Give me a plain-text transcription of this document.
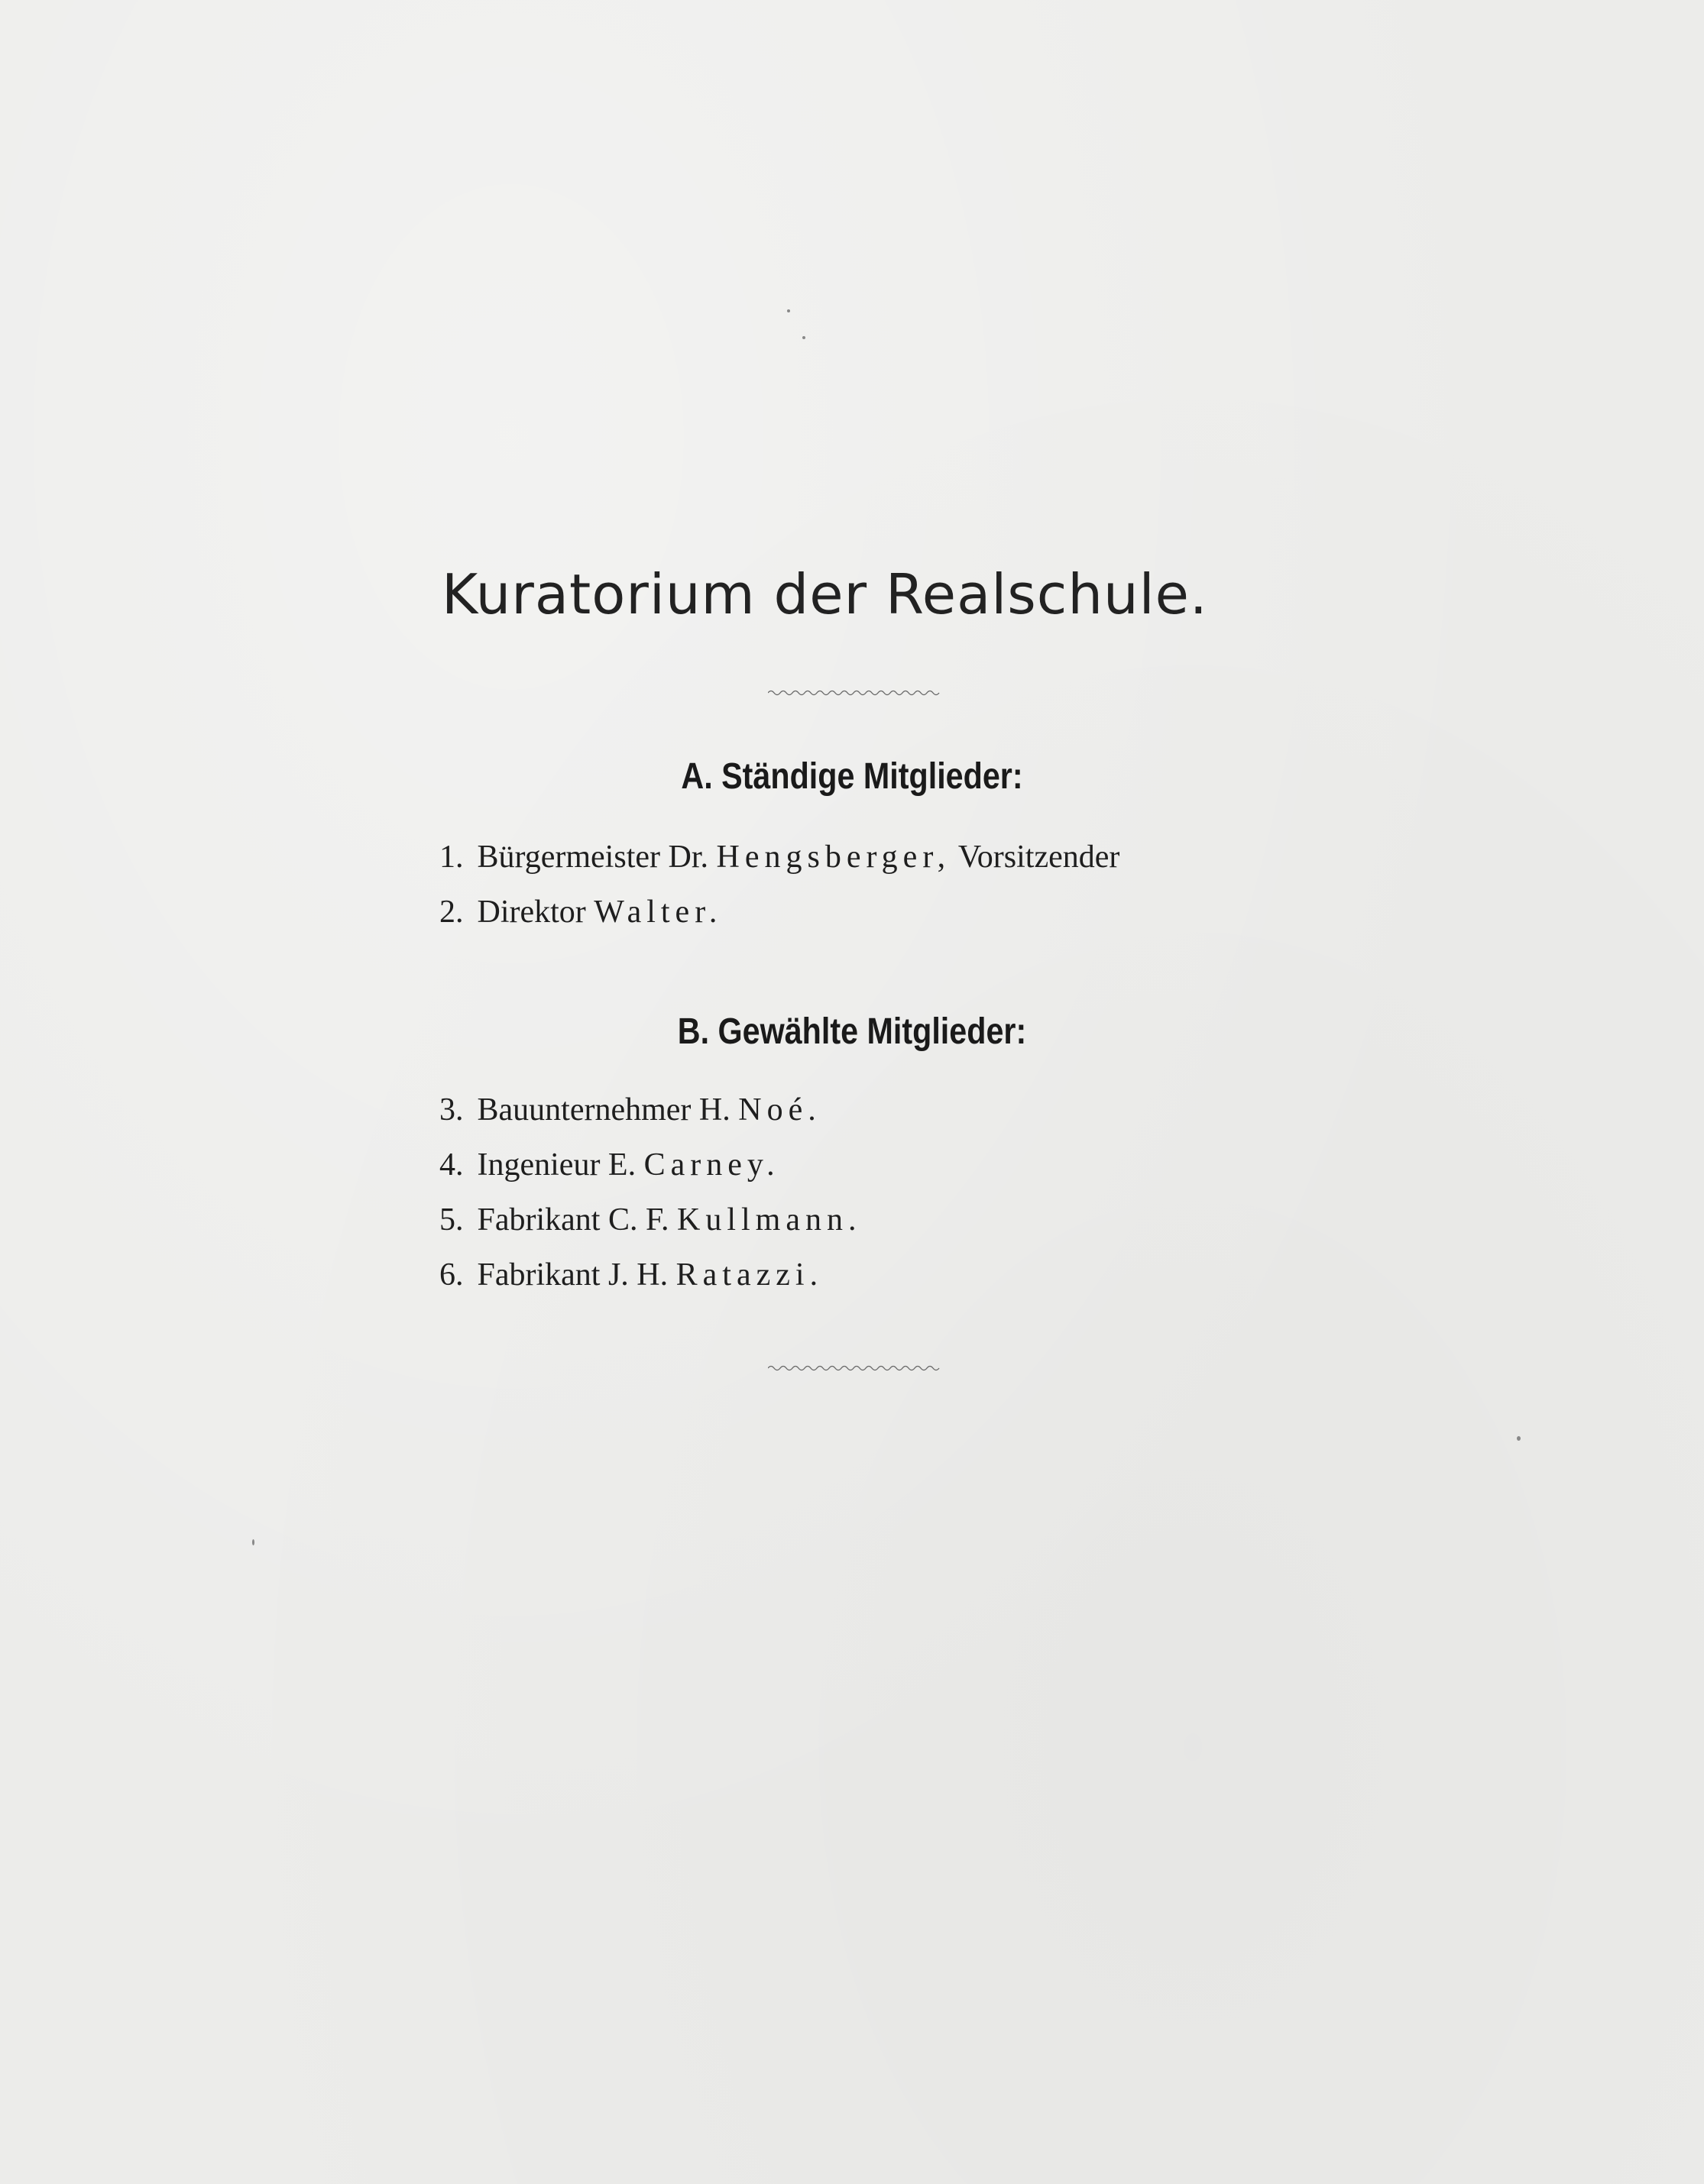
Kuratorium der Realschule.
A. Ständige Mitglieder:
1. Bürgermeister Dr. Hengsberger, Vorsitzender
2. Direktor Walter.
B. Gewählte Mitglieder:
3. Bauunternehmer H. Noé.
4. Ingenieur E. Carney.
5. Fabrikant C. F. Kullmann.
6. Fabrikant J. H. Ratazzi.
